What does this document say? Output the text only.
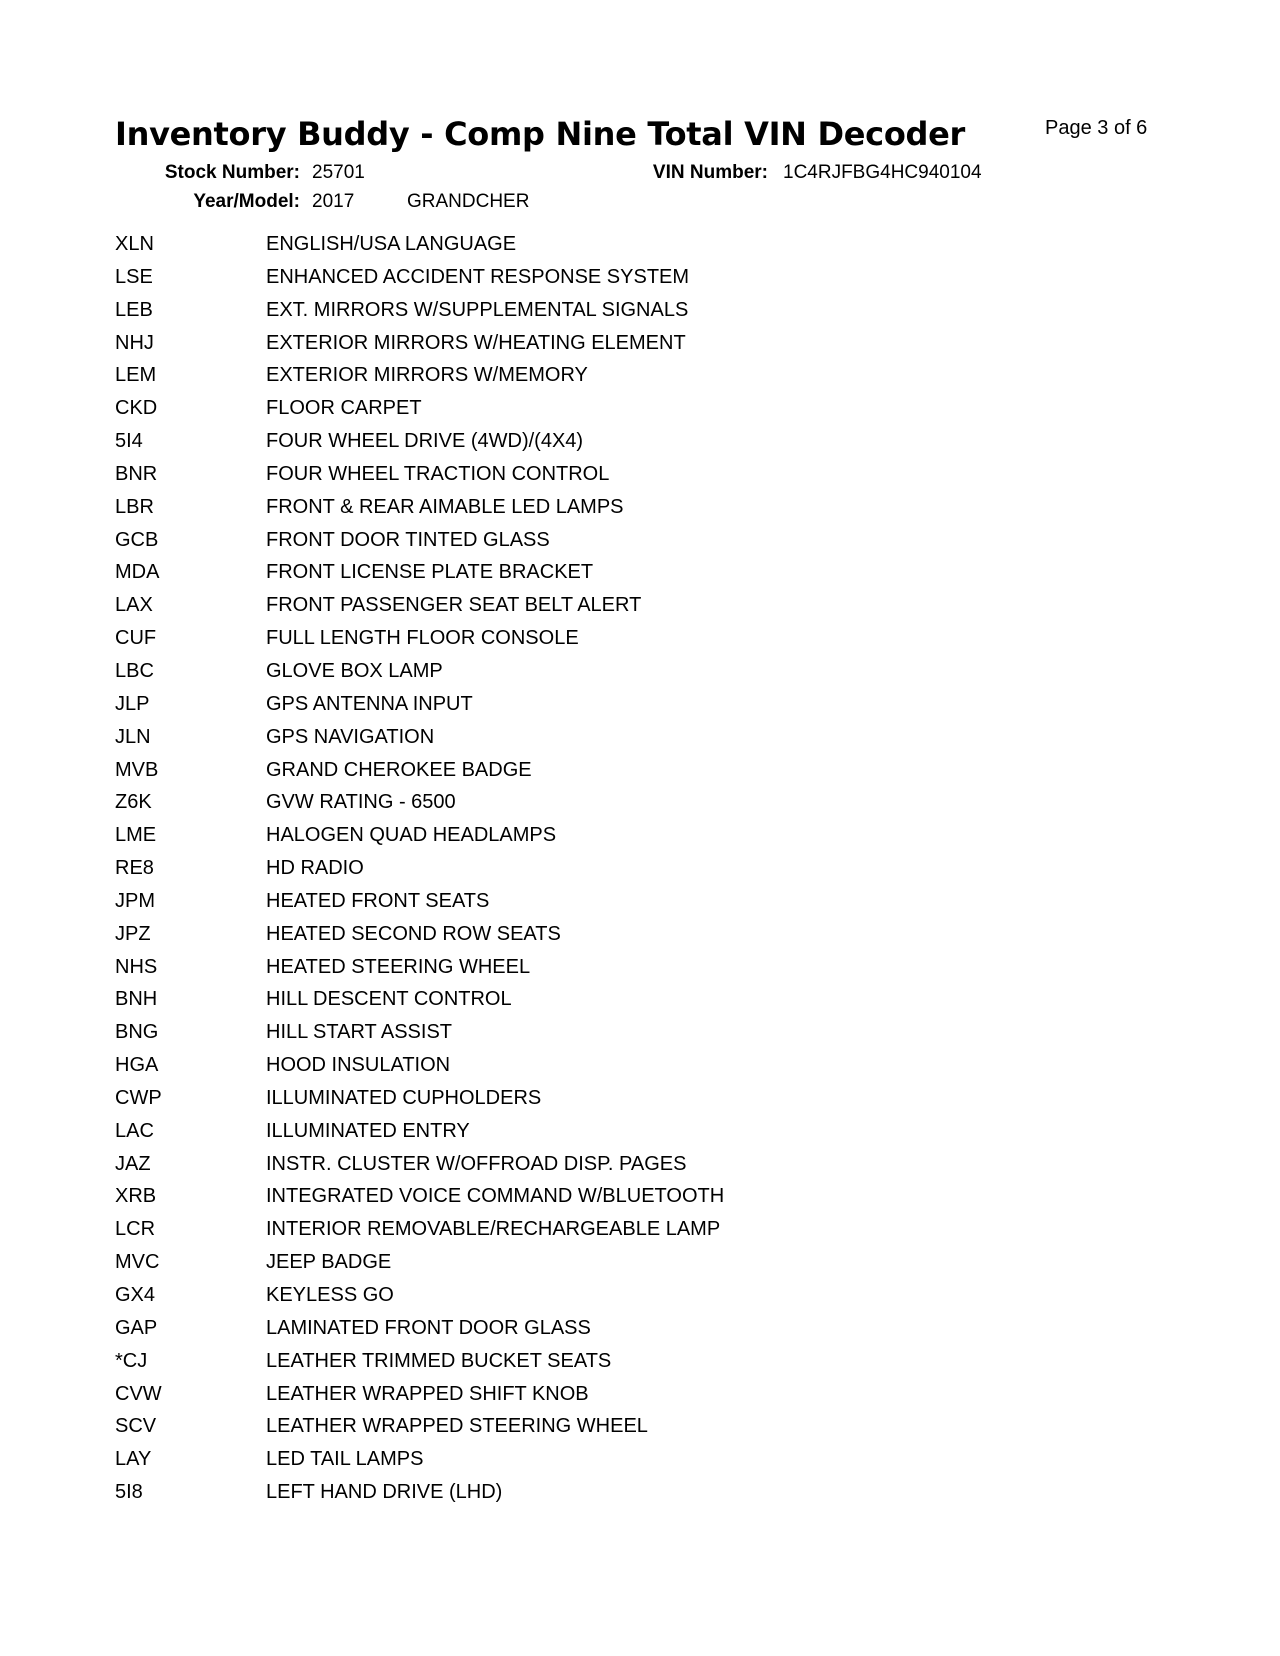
Inventory Buddy - Comp Nine Total VIN Decoder	Page 3 of 6
Stock Number: 25701	VIN Number: 1C4RJFBG4HC940104
Year/Model: 2017	GRANDCHER
XLN	ENGLISH/USA LANGUAGE
LSE	ENHANCED ACCIDENT RESPONSE SYSTEM
LEB	EXT. MIRRORS W/SUPPLEMENTAL SIGNALS
NHJ	EXTERIOR MIRRORS W/HEATING ELEMENT
LEM	EXTERIOR MIRRORS W/MEMORY
CKD	FLOOR CARPET
5I4	FOUR WHEEL DRIVE (4WD)/(4X4)
BNR	FOUR WHEEL TRACTION CONTROL
LBR	FRONT & REAR AIMABLE LED LAMPS
GCB	FRONT DOOR TINTED GLASS
MDA	FRONT LICENSE PLATE BRACKET
LAX	FRONT PASSENGER SEAT BELT ALERT
CUF	FULL LENGTH FLOOR CONSOLE
LBC	GLOVE BOX LAMP
JLP	GPS ANTENNA INPUT
JLN	GPS NAVIGATION
MVB	GRAND CHEROKEE BADGE
Z6K	GVW RATING - 6500
LME	HALOGEN QUAD HEADLAMPS
RE8	HD RADIO
JPM	HEATED FRONT SEATS
JPZ	HEATED SECOND ROW SEATS
NHS	HEATED STEERING WHEEL
BNH	HILL DESCENT CONTROL
BNG	HILL START ASSIST
HGA	HOOD INSULATION
CWP	ILLUMINATED CUPHOLDERS
LAC	ILLUMINATED ENTRY
JAZ	INSTR. CLUSTER W/OFFROAD DISP. PAGES
XRB	INTEGRATED VOICE COMMAND W/BLUETOOTH
LCR	INTERIOR REMOVABLE/RECHARGEABLE LAMP
MVC	JEEP BADGE
GX4	KEYLESS GO
GAP	LAMINATED FRONT DOOR GLASS
*CJ	LEATHER TRIMMED BUCKET SEATS
CVW	LEATHER WRAPPED SHIFT KNOB
SCV	LEATHER WRAPPED STEERING WHEEL
LAY	LED TAIL LAMPS
5I8	LEFT HAND DRIVE (LHD)
